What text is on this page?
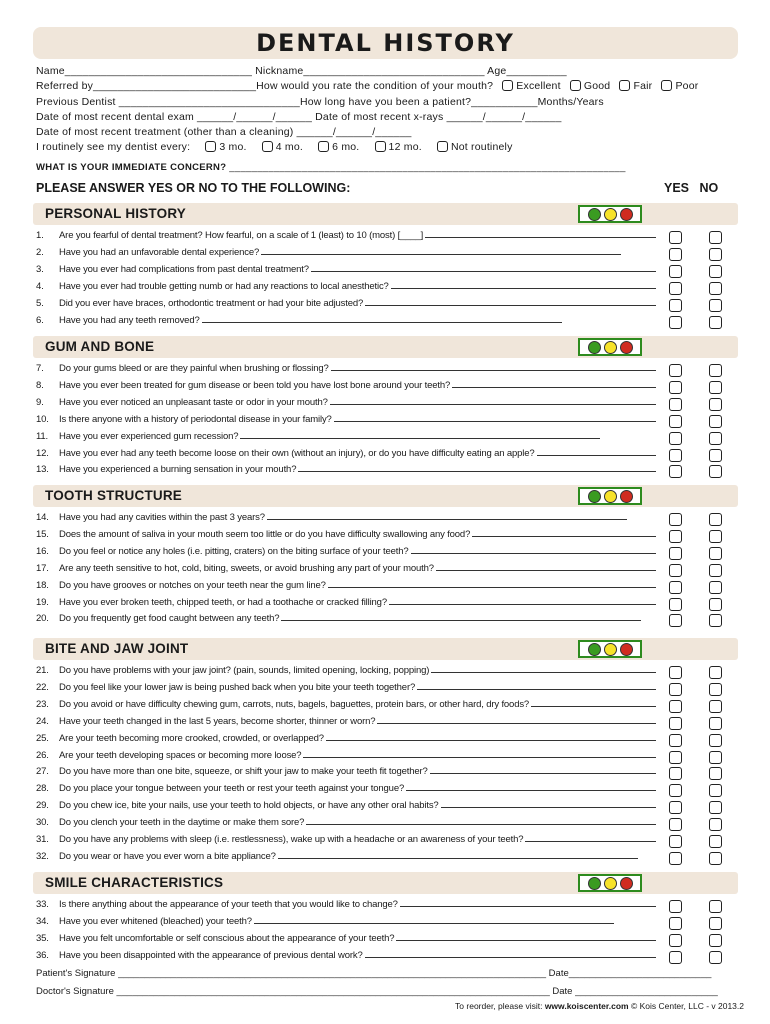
DENTAL HISTORY
Name_______________________________ Nickname______________________________ Age__________
Referred by___________________________How would you rate the condition of your mouth? Excellent Good Fair Poor
Previous Dentist ______________________________How long have you been a patient?___________Months/Years
Date of most recent dental exam ______/______/______ Date of most recent x-rays ______/______/______
Date of most recent treatment (other than a cleaning) ______/______/______
I routinely see my dentist every:	3 mo.	4 mo.	6 mo.	12 mo.	Not routinely
WHAT IS YOUR IMMEDIATE CONCERN? _______________________________________________________________________
PLEASE ANSWER YES OR NO TO THE FOLLOWING:	YES NO
PERSONAL HISTORY
1. Are you fearful of dental treatment? How fearful, on a scale of 1 (least) to 10 (most) [____]
2. Have you had an unfavorable dental experience?
3. Have you ever had complications from past dental treatment?
4. Have you ever had trouble getting numb or had any reactions to local anesthetic?
5. Did you ever have braces, orthodontic treatment or had your bite adjusted?
6. Have you had any teeth removed?
GUM AND BONE
7. Do your gums bleed or are they painful when brushing or flossing?
8. Have you ever been treated for gum disease or been told you have lost bone around your teeth?
9. Have you ever noticed an unpleasant taste or odor in your mouth?
10. Is there anyone with a history of periodontal disease in your family?
11. Have you ever experienced gum recession?
12. Have you ever had any teeth become loose on their own (without an injury), or do you have difficulty eating an apple?
13. Have you experienced a burning sensation in your mouth?
TOOTH STRUCTURE
14. Have you had any cavities within the past 3 years?
15. Does the amount of saliva in your mouth seem too little or do you have difficulty swallowing any food?
16. Do you feel or notice any holes (i.e. pitting, craters) on the biting surface of your teeth?
17. Are any teeth sensitive to hot, cold, biting, sweets, or avoid brushing any part of your mouth?
18. Do you have grooves or notches on your teeth near the gum line?
19. Have you ever broken teeth, chipped teeth, or had a toothache or cracked filling?
20. Do you frequently get food caught between any teeth?
BITE AND JAW JOINT
21. Do you have problems with your jaw joint? (pain, sounds, limited opening, locking, popping)
22. Do you feel like your lower jaw is being pushed back when you bite your teeth together?
23. Do you avoid or have difficulty chewing gum, carrots, nuts, bagels, baguettes, protein bars, or other hard, dry foods?
24. Have your teeth changed in the last 5 years, become shorter, thinner or worn?
25. Are your teeth becoming more crooked, crowded, or overlapped?
26. Are your teeth developing spaces or becoming more loose?
27. Do you have more than one bite, squeeze, or shift your jaw to make your teeth fit together?
28. Do you place your tongue between your teeth or rest your teeth against your tongue?
29. Do you chew ice, bite your nails, use your teeth to hold objects, or have any other oral habits?
30. Do you clench your teeth in the daytime or make them sore?
31. Do you have any problems with sleep (i.e. restlessness), wake up with a headache or an awareness of your teeth?
32. Do you wear or have you ever worn a bite appliance?
SMILE CHARACTERISTICS
33. Is there anything about the appearance of your teeth that you would like to change?
34. Have you ever whitened (bleached) your teeth?
35. Have you felt uncomfortable or self conscious about the appearance of your teeth?
36. Have you been disappointed with the appearance of previous dental work?
Patient's Signature _________________________________________________________________________________ Date___________________________
Doctor's Signature __________________________________________________________________________________ Date ___________________________
To reorder, please visit: www.koiscenter.com © Kois Center, LLC - v 2013.2
